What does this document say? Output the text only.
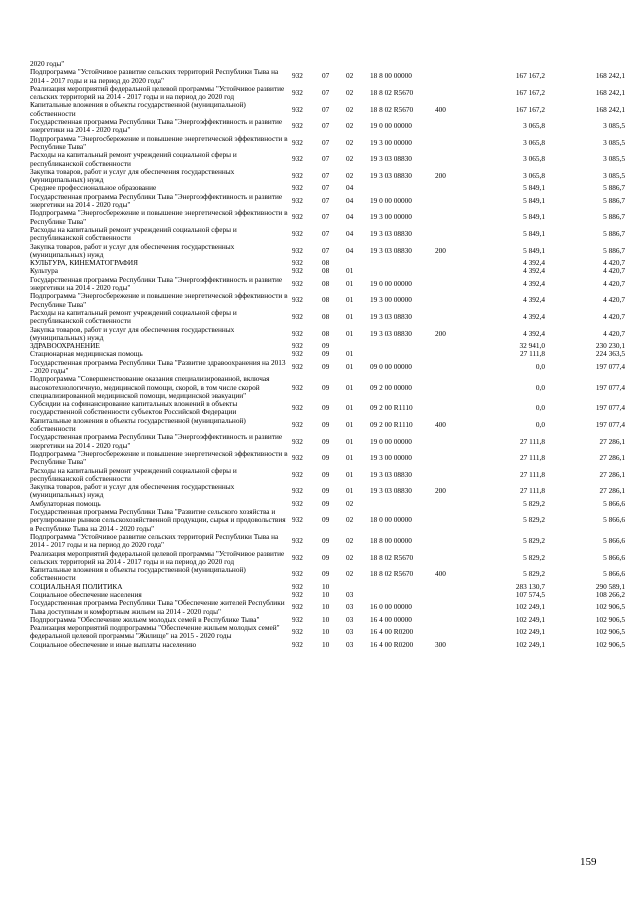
2020 годы"							
Подпрограмма "Устойчивое развитие сельских территорий Республики Тыва на 2014 - 2017 годы и на период до 2020 года"	932	07	02	18 8 00 00000		167 167,2	168 242,1
Реализация мероприятий федеральной целевой программы "Устойчивое развитие сельских территорий на 2014 - 2017 годы и на период до 2020 год	932	07	02	18 8 02 R5670		167 167,2	168 242,1
Капитальные вложения в объекты государственной (муниципальной) собственности	932	07	02	18 8 02 R5670	400	167 167,2	168 242,1
Государственная программа Республики Тыва "Энергоэффективность и развитие энергетики на 2014 - 2020 годы"	932	07	02	19 0 00 00000		3 065,8	3 085,5
Подпрограмма "Энергосбережение и повышение энергетической эффективности в Республике Тыва"	932	07	02	19 3 00 00000		3 065,8	3 085,5
Расходы на капитальный ремонт учреждений социальной сферы и республиканской собственности	932	07	02	19 3 03 08830		3 065,8	3 085,5
Закупка товаров, работ и услуг для обеспечения государственных (муниципальных) нужд	932	07	02	19 3 03 08830	200	3 065,8	3 085,5
Среднее профессиональное образование	932	07	04			5 849,1	5 886,7
Государственная программа Республики Тыва "Энергоэффективность и развитие энергетики на 2014 - 2020 годы"	932	07	04	19 0 00 00000		5 849,1	5 886,7
Подпрограмма "Энергосбережение и повышение энергетической эффективности в Республике Тыва"	932	07	04	19 3 00 00000		5 849,1	5 886,7
Расходы на капитальный ремонт учреждений социальной сферы и республиканской собственности	932	07	04	19 3 03 08830		5 849,1	5 886,7
Закупка товаров, работ и услуг для обеспечения государственных (муниципальных) нужд	932	07	04	19 3 03 08830	200	5 849,1	5 886,7
КУЛЬТУРА, КИНЕМАТОГРАФИЯ	932	08				4 392,4	4 420,7
Культура	932	08	01			4 392,4	4 420,7
Государственная программа Республики Тыва "Энергоэффективность и развитие энергетики на 2014 - 2020 годы"	932	08	01	19 0 00 00000		4 392,4	4 420,7
Подпрограмма "Энергосбережение и повышение энергетической эффективности в Республике Тыва"	932	08	01	19 3 00 00000		4 392,4	4 420,7
Расходы на капитальный ремонт учреждений социальной сферы и республиканской собственности	932	08	01	19 3 03 08830		4 392,4	4 420,7
Закупка товаров, работ и услуг для обеспечения государственных (муниципальных) нужд	932	08	01	19 3 03 08830	200	4 392,4	4 420,7
ЗДРАВООХРАНЕНИЕ	932	09				32 941,0	230 230,1
Стационарная медицинская помощь	932	09	01			27 111,8	224 363,5
Государственная программа Республики Тыва "Развитие здравоохранения на 2013 - 2020 годы"	932	09	01	09 0 00 00000		0,0	197 077,4
Подпрограмма "Совершенствование оказания специализированной, включая высокотехнологичную, медицинской помощи, скорой, в том числе скорой специализированной медицинской помощи, медицинской эвакуации"	932	09	01	09 2 00 00000		0,0	197 077,4
Субсидии на софинансирование капитальных вложений в объекты государственной собственности субъектов Российской Федерации	932	09	01	09 2 00 R1110		0,0	197 077,4
Капитальные вложения в объекты государственной (муниципальной) собственности	932	09	01	09 2 00 R1110	400	0,0	197 077,4
Государственная программа Республики Тыва "Энергоэффективность и развитие энергетики на 2014 - 2020 годы"	932	09	01	19 0 00 00000		27 111,8	27 286,1
Подпрограмма "Энергосбережение и повышение энергетической эффективности в Республике Тыва"	932	09	01	19 3 00 00000		27 111,8	27 286,1
Расходы на капитальный ремонт учреждений социальной сферы и республиканской собственности	932	09	01	19 3 03 08830		27 111,8	27 286,1
Закупка товаров, работ и услуг для обеспечения государственных (муниципальных) нужд	932	09	01	19 3 03 08830	200	27 111,8	27 286,1
Амбулаторная помощь	932	09	02			5 829,2	5 866,6
Государственная программа Республики Тыва "Развитие сельского хозяйства и регулирование рынков сельскохозяйственной продукции, сырья и продовольствия в Республике Тыва на 2014 - 2020 годы"	932	09	02	18 0 00 00000		5 829,2	5 866,6
Подпрограмма "Устойчивое развитие сельских территорий Республики Тыва на 2014 - 2017 годы и на период до 2020 года"	932	09	02	18 8 00 00000		5 829,2	5 866,6
Реализация мероприятий федеральной целевой программы "Устойчивое развитие сельских территорий на 2014 - 2017 годы и на период до 2020 год	932	09	02	18 8 02 R5670		5 829,2	5 866,6
Капитальные вложения в объекты государственной (муниципальной) собственности	932	09	02	18 8 02 R5670	400	5 829,2	5 866,6
СОЦИАЛЬНАЯ ПОЛИТИКА	932	10				283 130,7	290 589,1
Социальное обеспечение населения	932	10	03			107 574,5	108 266,2
Государственная программа Республики Тыва "Обеспечение жителей Республики Тыва доступным и комфортным жильем на 2014 - 2020 годы"	932	10	03	16 0 00 00000		102 249,1	102 906,5
Подпрограмма "Обеспечение жильем молодых семей в Республике Тыва"	932	10	03	16 4 00 00000		102 249,1	102 906,5
Реализация мероприятий подпрограммы "Обеспечение жильем молодых семей" федеральной целевой программы "Жилище" на 2015 - 2020 годы	932	10	03	16 4 00 R0200		102 249,1	102 906,5
Социальное обеспечение и иные выплаты населению	932	10	03	16 4 00 R0200	300	102 249,1	102 906,5
159
